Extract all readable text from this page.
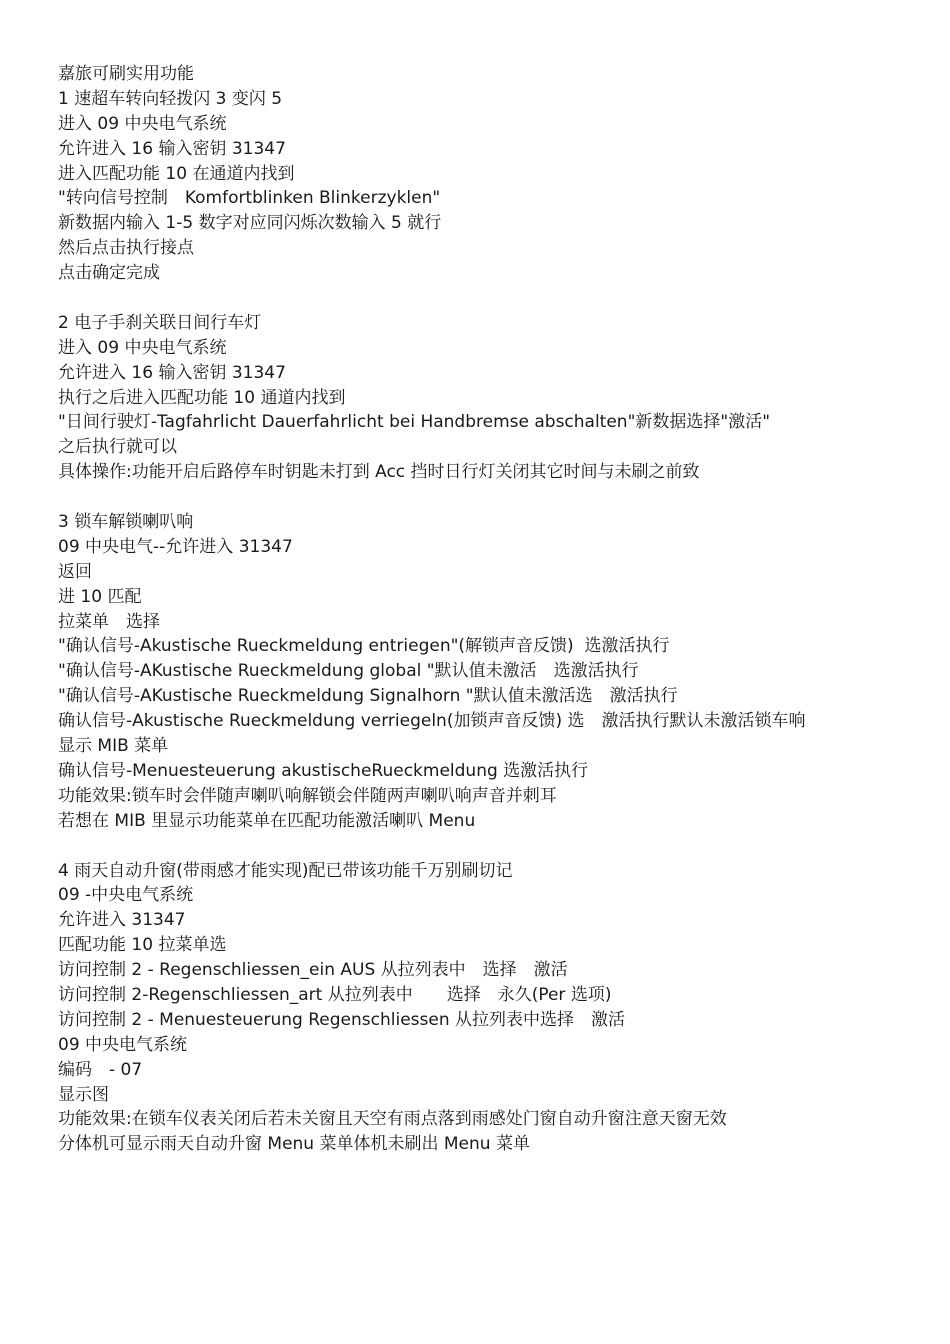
嘉旅可刷实用功能
1 速超车转向轻拨闪 3 变闪 5
进入 09 中央电气系统
允许进入 16 输入密钥 31347
进入匹配功能 10 在通道内找到
"转向信号控制　Komfortblinken Blinkerzyklen"
新数据内输入 1-5 数字对应同闪烁次数输入 5 就行
然后点击执行接点
点击确定完成
2 电子手刹关联日间行车灯
进入 09 中央电气系统
允许进入 16 输入密钥 31347
执行之后进入匹配功能 10 通道内找到
"日间行驶灯-Tagfahrlicht Dauerfahrlicht bei Handbremse abschalten"新数据选择"激活"
之后执行就可以
具体操作:功能开启后路停车时钥匙未打到 Acc 挡时日行灯关闭其它时间与未刷之前致
3 锁车解锁喇叭响
09 中央电气--允许进入 31347
返回
进 10 匹配
拉菜单　选择
"确认信号-Akustische Rueckmeldung entriegen"(解锁声音反馈)  选激活执行
"确认信号-AKustische Rueckmeldung global "默认值未激活　选激活执行
"确认信号-AKustische Rueckmeldung Signalhorn "默认值未激活选　激活执行
确认信号-Akustische Rueckmeldung verriegeln(加锁声音反馈) 选　激活执行默认未激活锁车响
显示 MIB 菜单
确认信号-Menuesteuerung akustischeRueckmeldung 选激活执行
功能效果:锁车时会伴随声喇叭响解锁会伴随两声喇叭响声音并刺耳
若想在 MIB 里显示功能菜单在匹配功能激活喇叭 Menu
4 雨天自动升窗(带雨感才能实现)配已带该功能千万别刷切记
09 -中央电气系统
允许进入 31347
匹配功能 10 拉菜单选
访问控制 2 - Regenschliessen_ein AUS 从拉列表中　选择　激活
访问控制 2-Regenschliessen_art 从拉列表中　　选择　永久(Per 选项)
访问控制 2 - Menuesteuerung Regenschliessen 从拉列表中选择　激活
09 中央电气系统
编码　- 07
显示图
功能效果:在锁车仪表关闭后若未关窗且天空有雨点落到雨感处门窗自动升窗注意天窗无效
分体机可显示雨天自动升窗 Menu 菜单体机未刷出 Menu 菜单
